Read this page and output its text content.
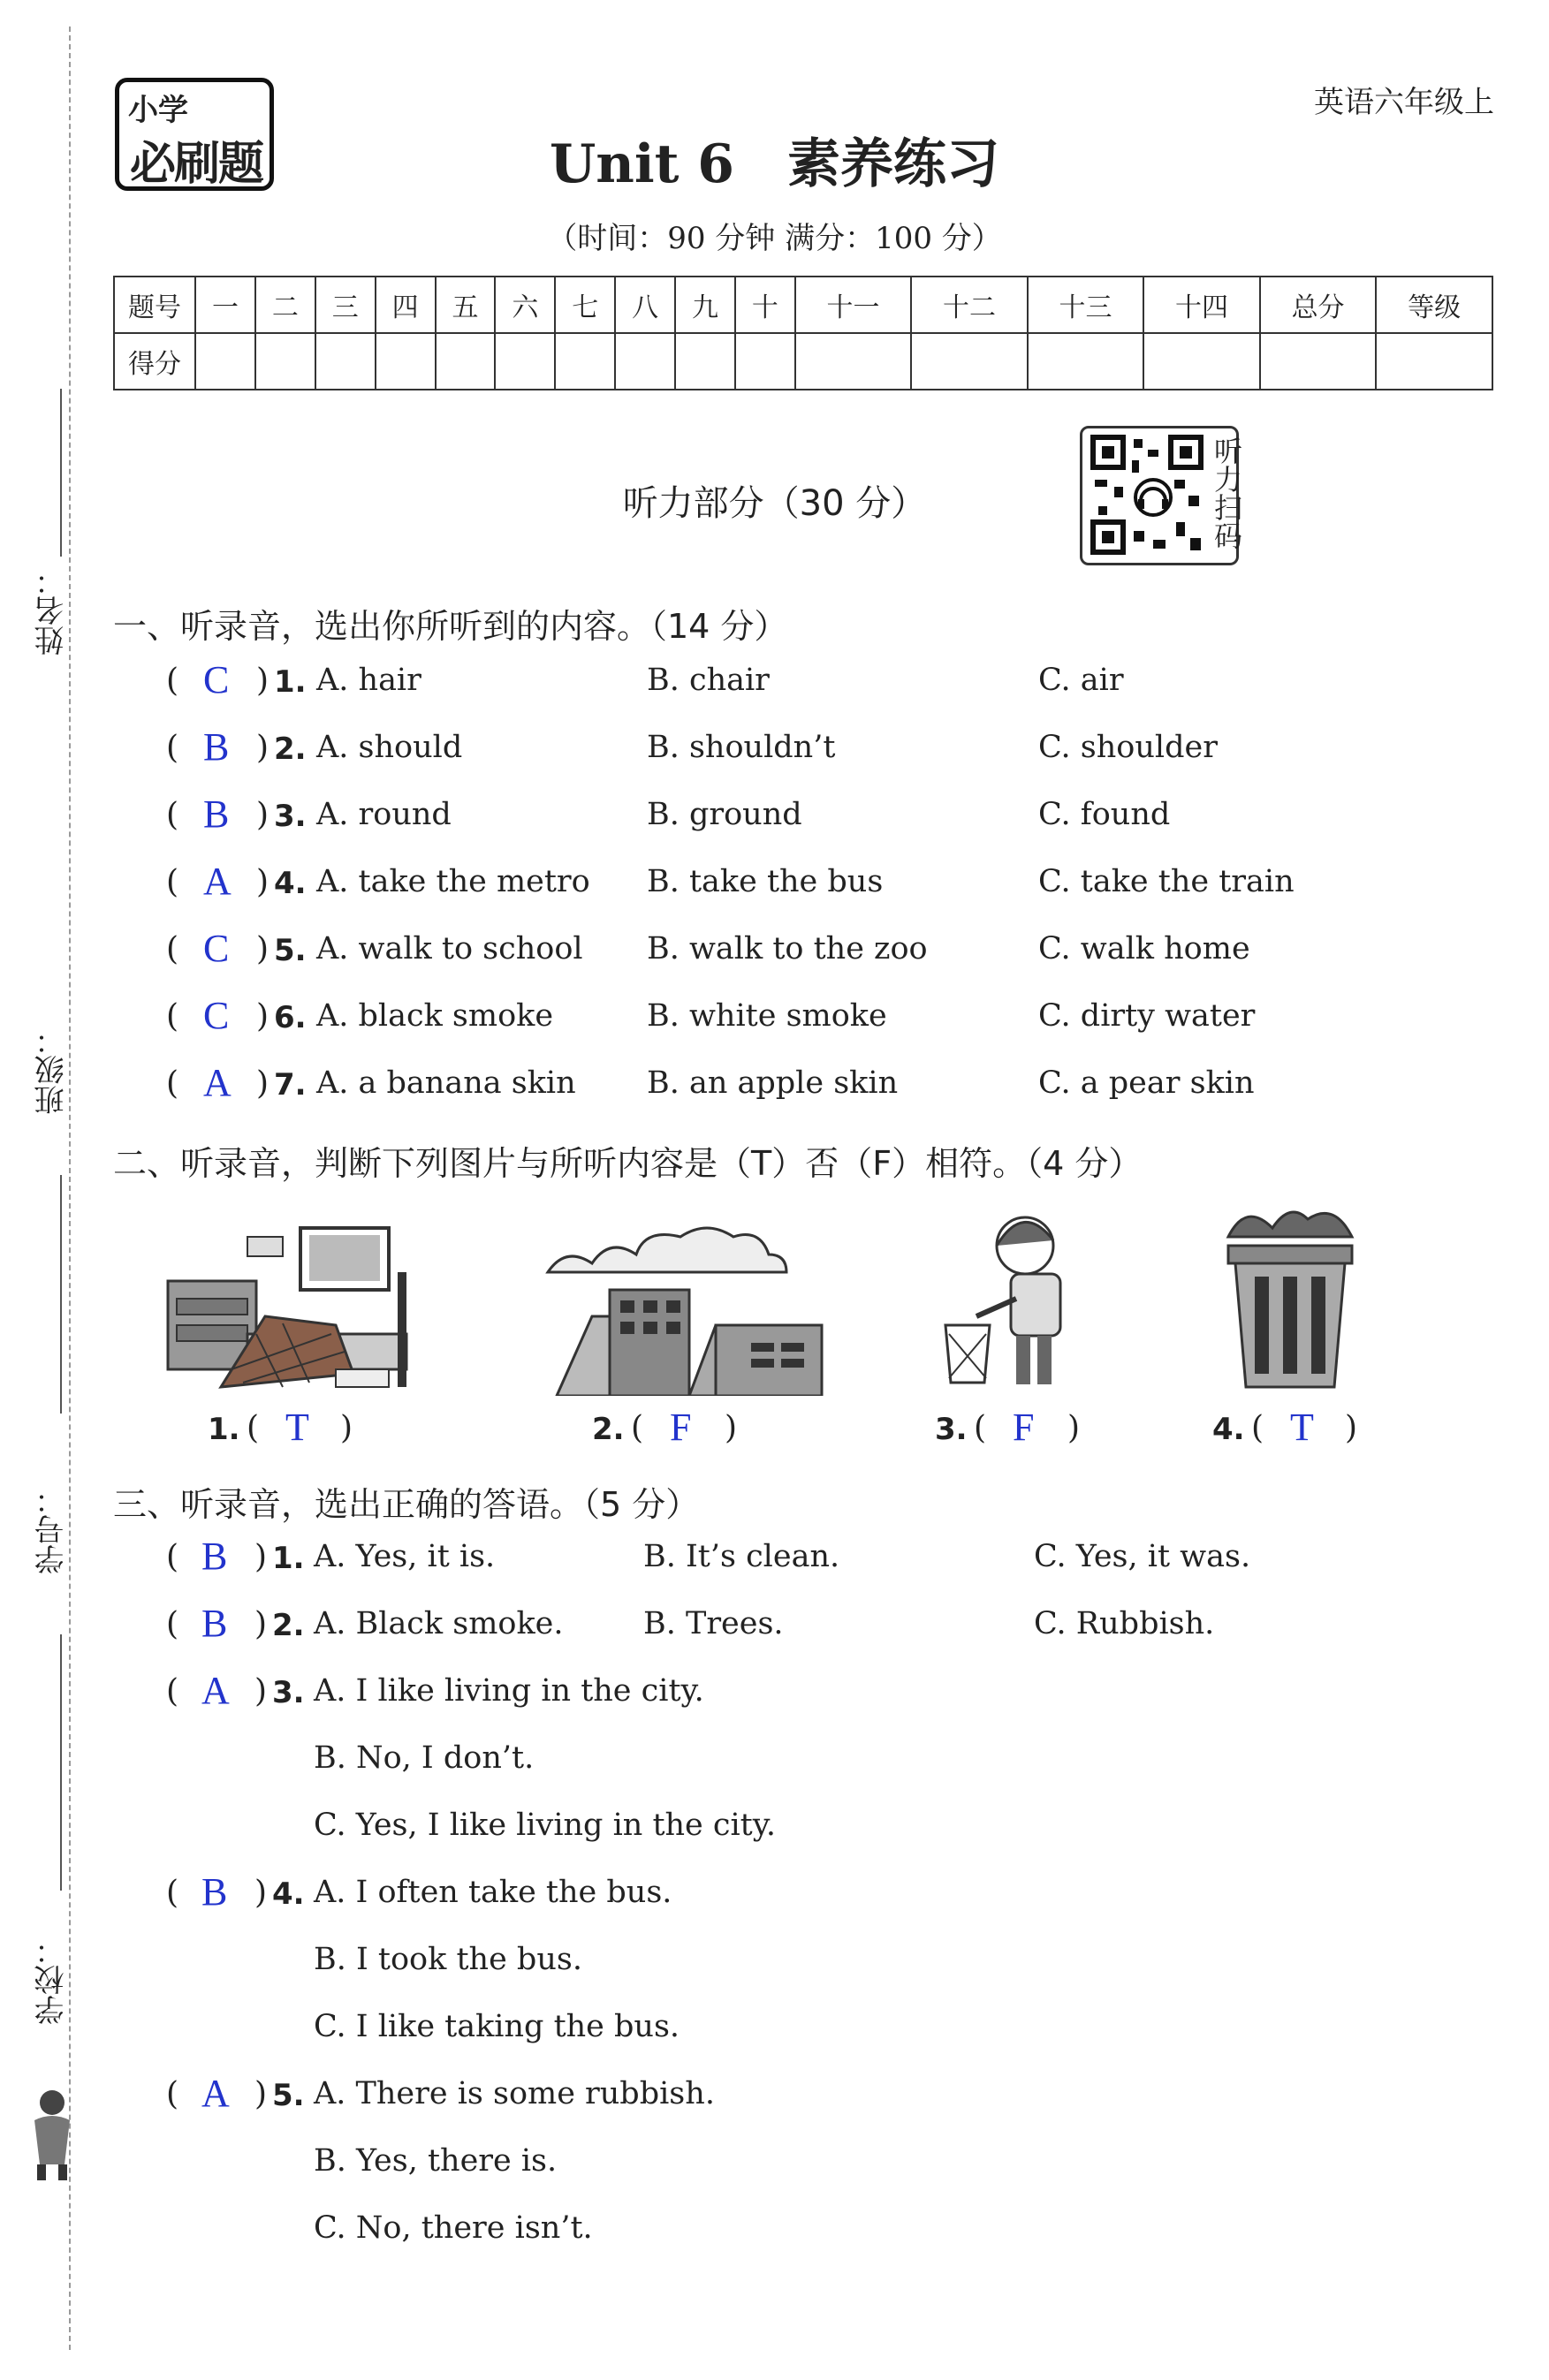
姓名：
班级：
学号：
学校：
小学
必刷题
英语六年级上
Unit 6　素养练习
（时间：90 分钟 满分：100 分）
题号	一	二	三	四	五	六	七	八	九	十	十一	十二	十三	十四	总分	等级
得分																
听力部分（30 分）	听力扫码
一、听录音，选出你所听到的内容。（14 分）
二、听录音，判断下列图片与所听内容是（T）否（F）相符。（4 分）
三、听录音，选出正确的答语。（5 分）
( C ) 1. A. hair	B. chair	C. air
( B ) 2. A. should	B. shouldn’t	C. shoulder
( B ) 3. A. round	B. ground	C. found
( A ) 4. A. take the metro B. take the bus	C. take the train
( C ) 5. A. walk to school B. walk to the zoo	C. walk home
( C ) 6. A. black smoke	B. white smoke	C. dirty water
( A ) 7. A. a banana skin B. an apple skin	C. a pear skin
1. ( T )	2. ( F )	3. ( F )	4. ( T )
( B ) 1. A. Yes, it is.	B. It’s clean.	C. Yes, it was.
( B ) 2. A. Black smoke.	B. Trees.	C. Rubbish.
( A ) 3. A. I like living in the city.
B. No, I don’t.
C. Yes, I like living in the city.
( B ) 4. A. I often take the bus.
B. I took the bus.
C. I like taking the bus.
( A ) 5. A. There is some rubbish.
B. Yes, there is.
C. No, there isn’t.
